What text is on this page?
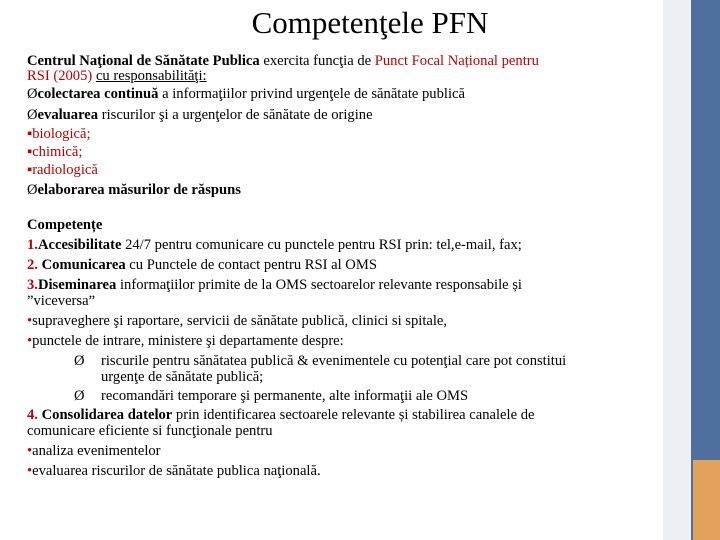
Competenţele PFN
Centrul Naţional de Sănătate Publica exercita funcţia de Punct Focal Național pentru
RSI (2005) cu responsabilităţi:
Øcolectarea continuă a informaţiilor privind urgenţele de sănătate publică
Øevaluarea riscurilor şi a urgenţelor de sănătate de origine
▪biologică;
▪chimică;
▪radiologică
Øelaborarea măsurilor de răspuns
Competențe
1.Accesibilitate 24/7 pentru comunicare cu punctele pentru RSI prin: tel,e-mail, fax;
2. Comunicarea cu Punctele de contact pentru RSI al OMS
3.Diseminarea informaţiilor primite de la OMS sectoarelor relevante responsabile și
”viceversa”
•supraveghere şi raportare, servicii de sănătate publică, clinici si spitale,
•punctele de intrare, ministere şi departamente despre:
Ø riscurile pentru sănătatea publică & evenimentele cu potenţial care pot constitui
urgenţe de sănătate publică;
Ø recomandări temporare şi permanente, alte informaţii ale OMS
4. Consolidarea datelor prin identificarea sectoarele relevante și stabilirea canalele de
comunicare eficiente si funcţionale pentru
•analiza evenimentelor
•evaluarea riscurilor de sănătate publica naţională.
